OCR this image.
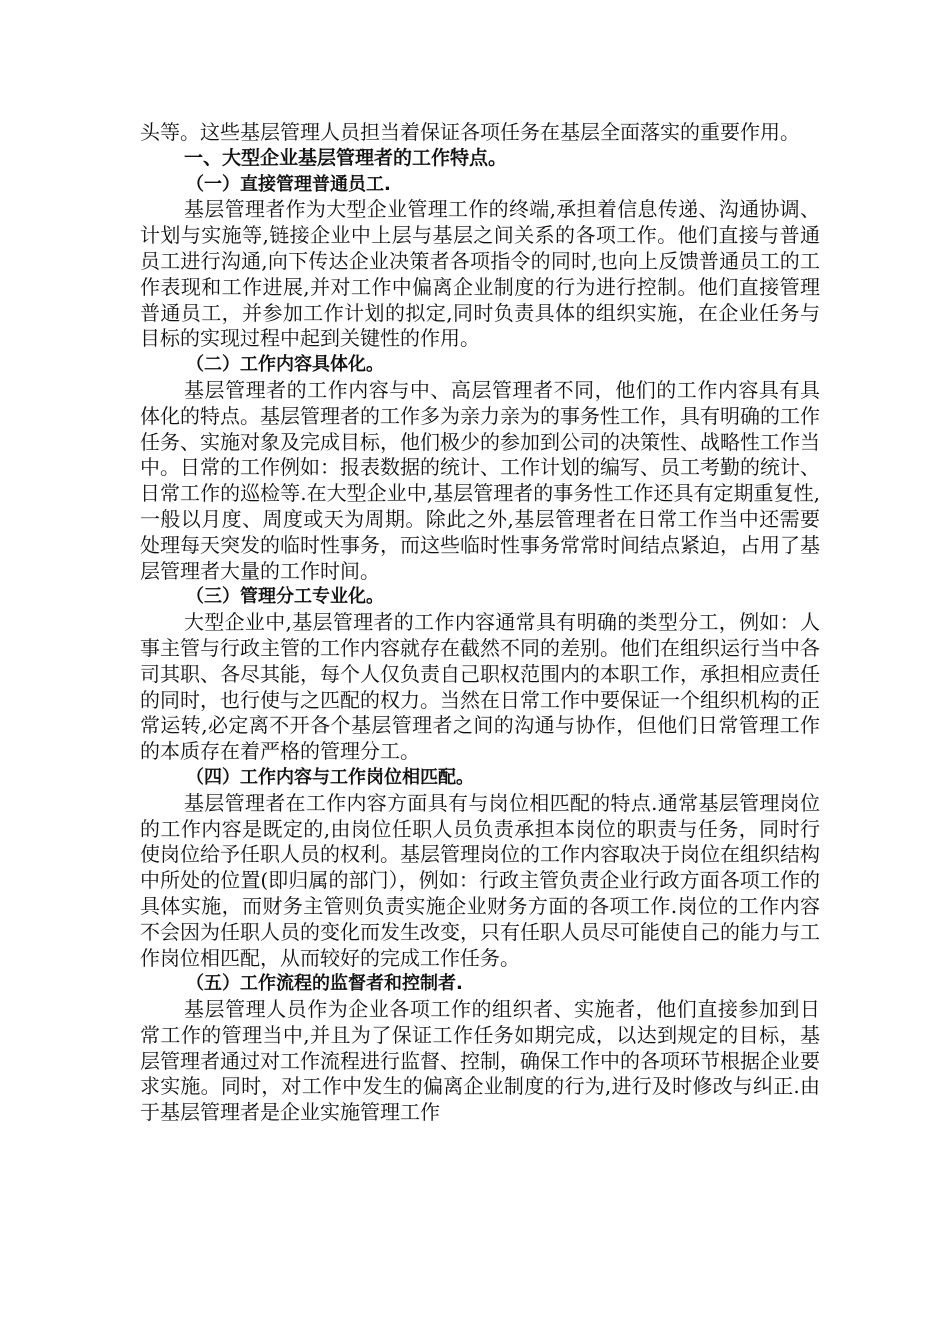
头等。这些基层管理人员担当着保证各项任务在基层全面落实的重要作用。

一、大型企业基层管理者的工作特点。

（一）直接管理普通员工.

基层管理者作为大型企业管理工作的终端,承担着信息传递、沟通协调、计划与实施等,链接企业中上层与基层之间关系的各项工作。他们直接与普通员工进行沟通,向下传达企业决策者各项指令的同时,也向上反馈普通员工的工作表现和工作进展,并对工作中偏离企业制度的行为进行控制。他们直接管理普通员工，并参加工作计划的拟定,同时负责具体的组织实施，在企业任务与目标的实现过程中起到关键性的作用。

（二）工作内容具体化。

基层管理者的工作内容与中、高层管理者不同，他们的工作内容具有具体化的特点。基层管理者的工作多为亲力亲为的事务性工作，具有明确的工作任务、实施对象及完成目标，他们极少的参加到公司的决策性、战略性工作当中。日常的工作例如：报表数据的统计、工作计划的编写、员工考勤的统计、日常工作的巡检等.在大型企业中,基层管理者的事务性工作还具有定期重复性,一般以月度、周度或天为周期。除此之外,基层管理者在日常工作当中还需要处理每天突发的临时性事务，而这些临时性事务常常时间结点紧迫，占用了基层管理者大量的工作时间。

（三）管理分工专业化。

大型企业中,基层管理者的工作内容通常具有明确的类型分工，例如：人事主管与行政主管的工作内容就存在截然不同的差别。他们在组织运行当中各司其职、各尽其能，每个人仅负责自己职权范围内的本职工作，承担相应责任的同时，也行使与之匹配的权力。当然在日常工作中要保证一个组织机构的正常运转,必定离不开各个基层管理者之间的沟通与协作，但他们日常管理工作的本质存在着严格的管理分工。

（四）工作内容与工作岗位相匹配。

基层管理者在工作内容方面具有与岗位相匹配的特点.通常基层管理岗位的工作内容是既定的,由岗位任职人员负责承担本岗位的职责与任务，同时行使岗位给予任职人员的权利。基层管理岗位的工作内容取决于岗位在组织结构中所处的位置(即归属的部门），例如：行政主管负责企业行政方面各项工作的具体实施，而财务主管则负责实施企业财务方面的各项工作.岗位的工作内容不会因为任职人员的变化而发生改变，只有任职人员尽可能使自己的能力与工作岗位相匹配，从而较好的完成工作任务。

（五）工作流程的监督者和控制者.

基层管理人员作为企业各项工作的组织者、实施者，他们直接参加到日常工作的管理当中,并且为了保证工作任务如期完成，以达到规定的目标，基层管理者通过对工作流程进行监督、控制，确保工作中的各项环节根据企业要求实施。同时，对工作中发生的偏离企业制度的行为,进行及时修改与纠正.由于基层管理者是企业实施管理工作
